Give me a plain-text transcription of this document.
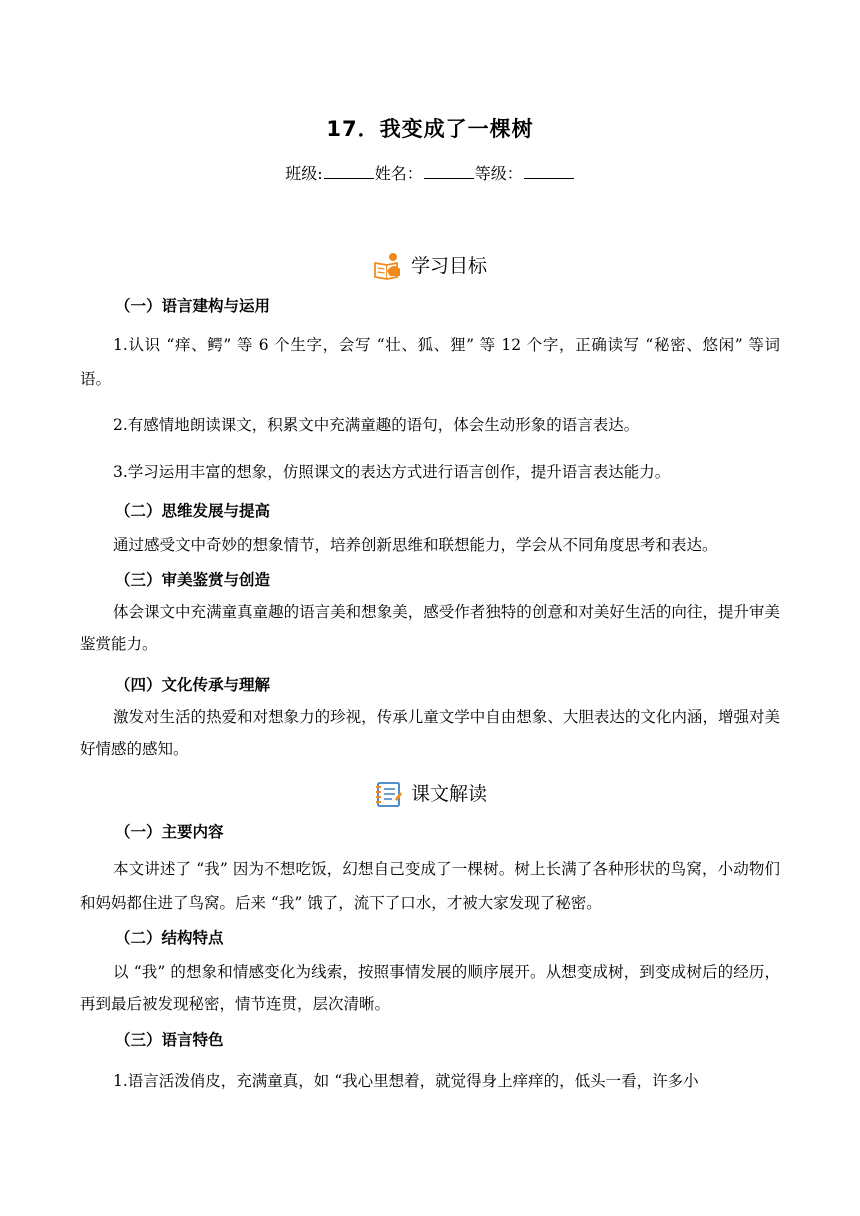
17．我变成了一棵树
班级:	姓名：	等级：
学习目标
（一）语言建构与运用
1.认识 “痒、鳄” 等 6 个生字，会写 “壮、狐、狸” 等 12 个字，正确读写 “秘密、悠闲” 等词语。
2.有感情地朗读课文，积累文中充满童趣的语句，体会生动形象的语言表达。
3.学习运用丰富的想象，仿照课文的表达方式进行语言创作，提升语言表达能力。
（二）思维发展与提高
通过感受文中奇妙的想象情节，培养创新思维和联想能力，学会从不同角度思考和表达。
（三）审美鉴赏与创造
体会课文中充满童真童趣的语言美和想象美，感受作者独特的创意和对美好生活的向往，提升审美鉴赏能力。
（四）文化传承与理解
激发对生活的热爱和对想象力的珍视，传承儿童文学中自由想象、大胆表达的文化内涵，增强对美好情感的感知。
课文解读
（一）主要内容
本文讲述了 “我” 因为不想吃饭，幻想自己变成了一棵树。树上长满了各种形状的鸟窝，小动物们和妈妈都住进了鸟窝。后来 “我” 饿了，流下了口水，才被大家发现了秘密。
（二）结构特点
以 “我” 的想象和情感变化为线索，按照事情发展的顺序展开。从想变成树，到变成树后的经历，再到最后被发现秘密，情节连贯，层次清晰。
（三）语言特色
1.语言活泼俏皮，充满童真，如 “我心里想着，就觉得身上痒痒的，低头一看，许多小
